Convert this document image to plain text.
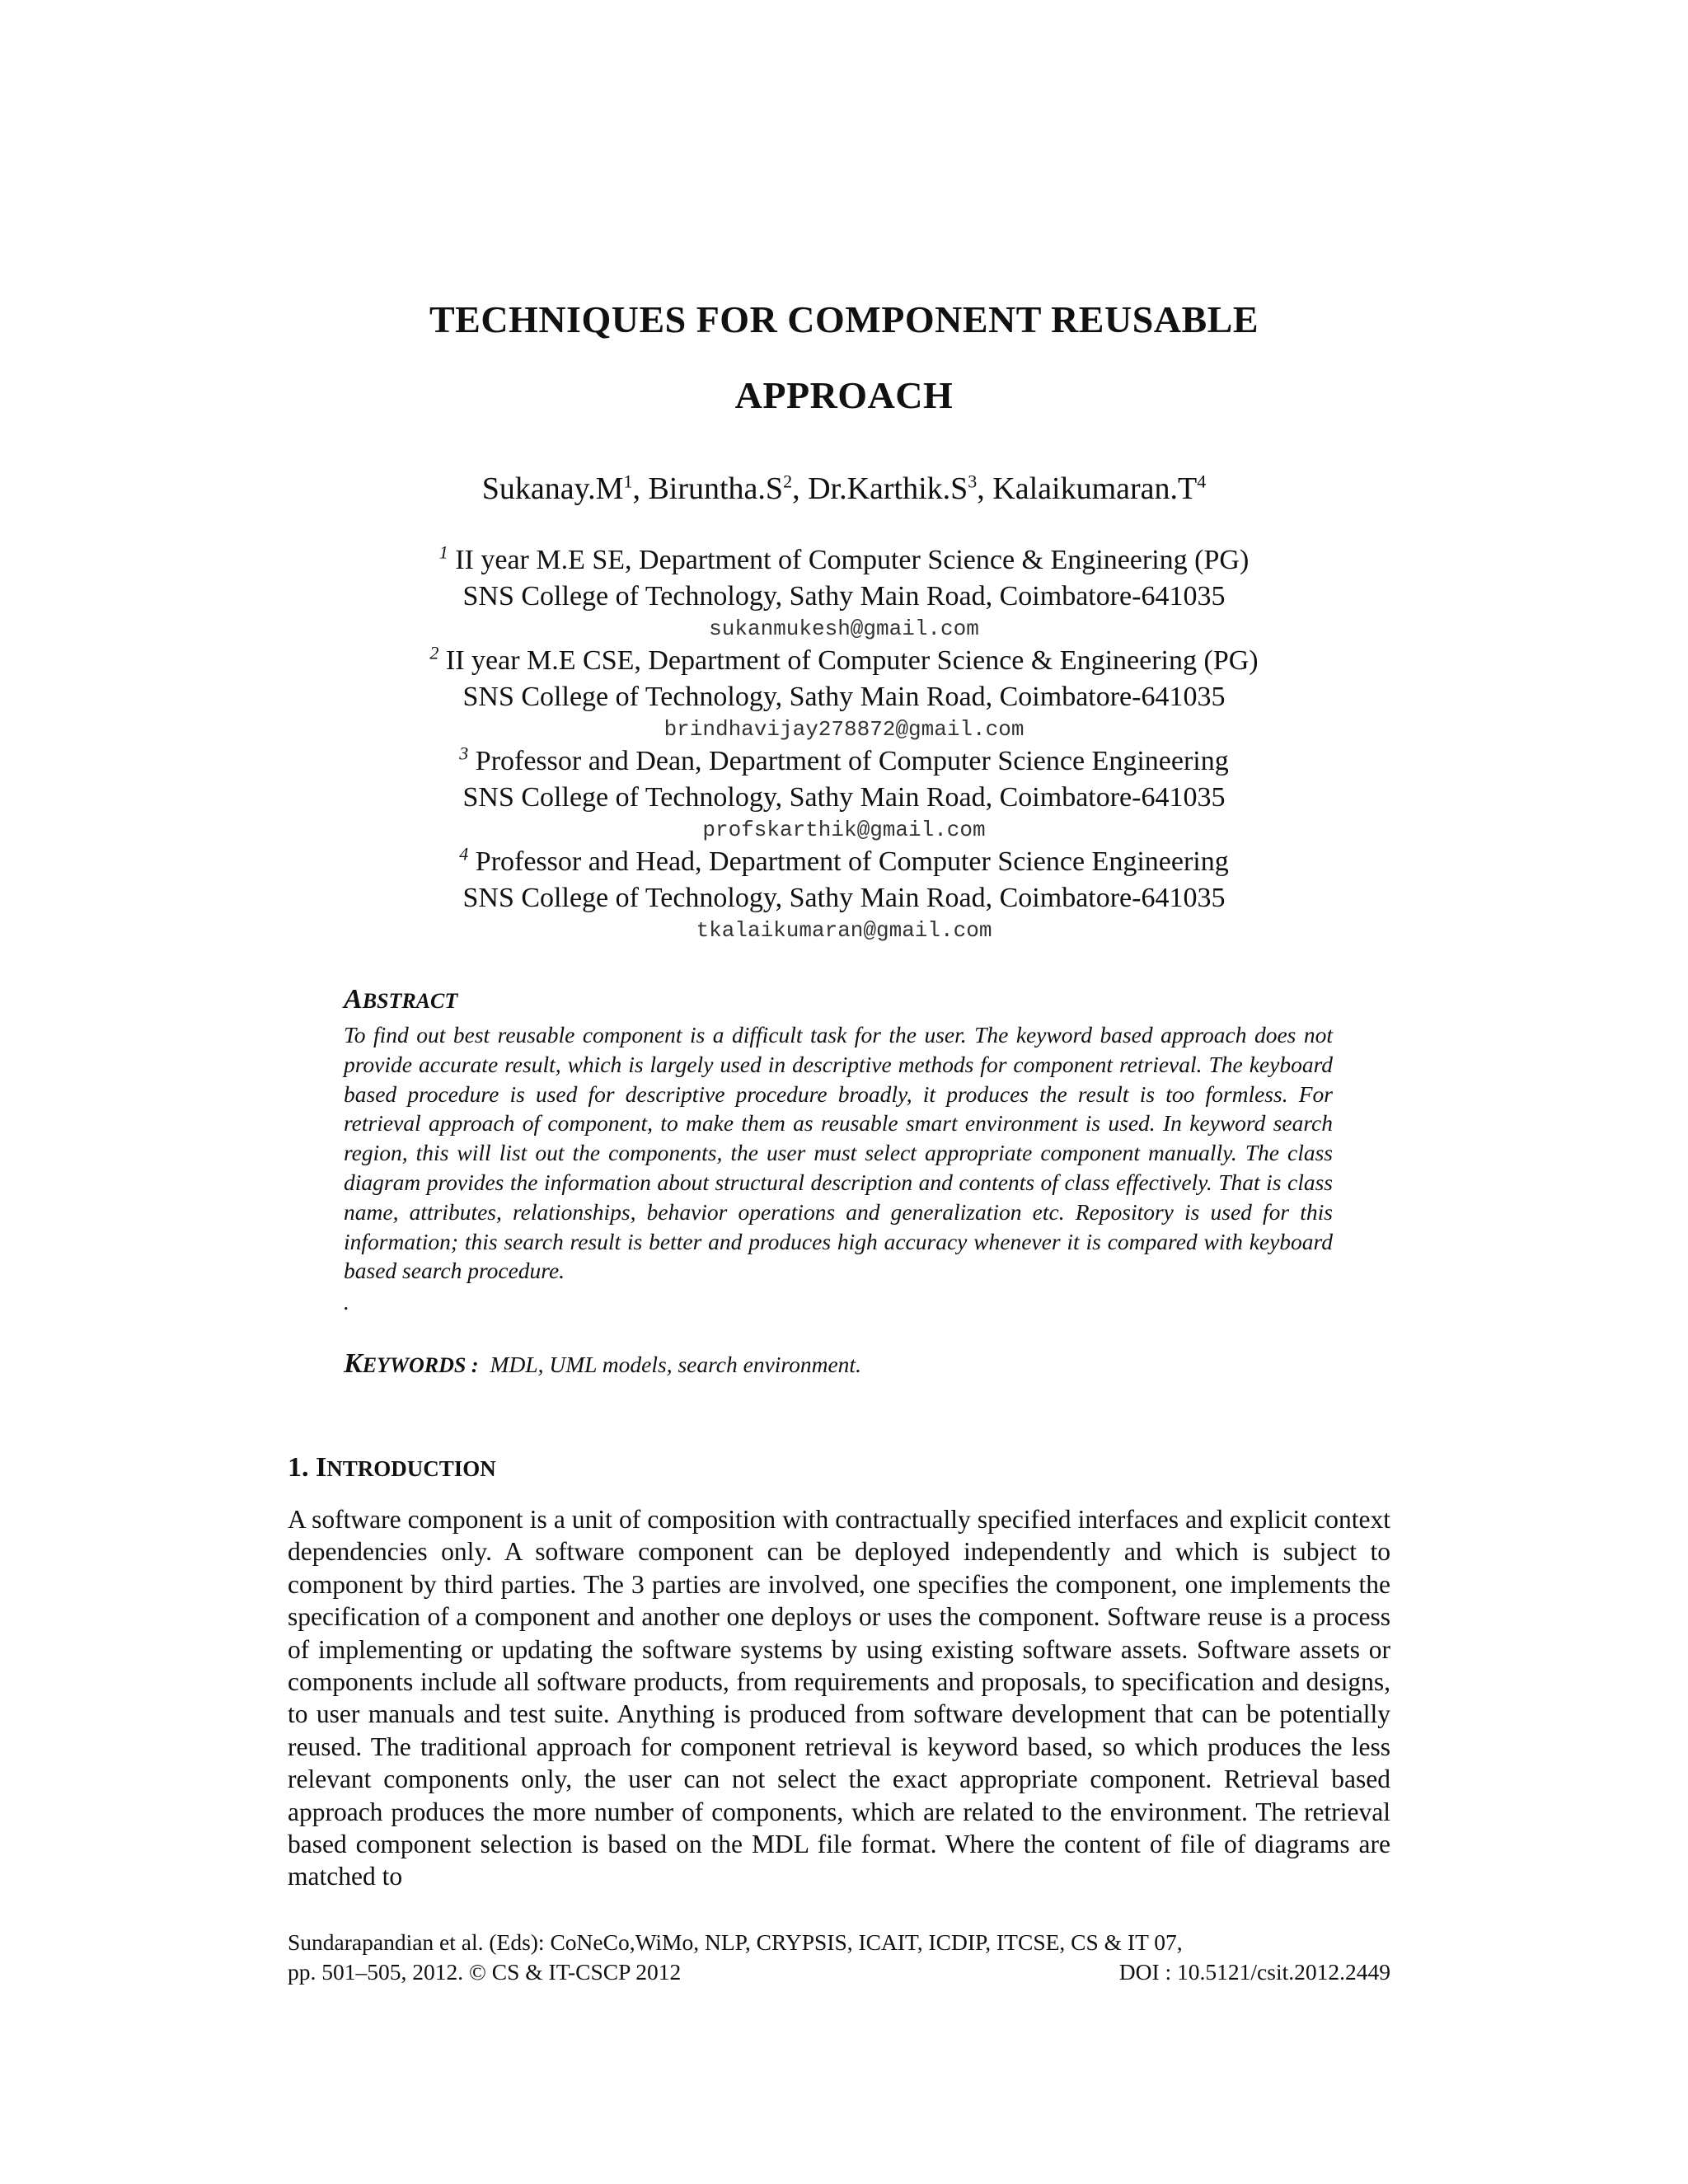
TECHNIQUES FOR COMPONENT REUSABLE
APPROACH
$Sukanay.M^1$, $Biruntha.S^2$, $Dr.Karthik.S^3$, $Kalaikumaran.T^4$
$^1$ II year M.E SE, Department of Computer Science & Engineering (PG)
SNS College of Technology, Sathy Main Road, Coimbatore-641035
sukanmukesh@gmail.com
$^2$ II year M.E CSE, Department of Computer Science & Engineering (PG)
SNS College of Technology, Sathy Main Road, Coimbatore-641035
brindhavijay278872@gmail.com
$^3$ Professor and Dean, Department of Computer Science Engineering
SNS College of Technology, Sathy Main Road, Coimbatore-641035
profskarthik@gmail.com
$^4$ Professor and Head, Department of Computer Science Engineering
SNS College of Technology, Sathy Main Road, Coimbatore-641035
tkalaikumaran@gmail.com
ABSTRACT
To find out best reusable component is a difficult task for the user. The keyword based approach does not provide accurate result, which is largely used in descriptive methods for component retrieval. The keyboard based procedure is used for descriptive procedure broadly, it produces the result is too formless. For retrieval approach of component, to make them as reusable smart environment is used. In keyword search region, this will list out the components, the user must select appropriate component manually. The class diagram provides the information about structural description and contents of class effectively. That is class name, attributes, relationships, behavior operations and generalization etc. Repository is used for this information; this search result is better and produces high accuracy whenever it is compared with keyboard based search procedure.
.
KEYWORDS : MDL, UML models, search environment.
1. INTRODUCTION
A software component is a unit of composition with contractually specified interfaces and explicit context dependencies only. A software component can be deployed independently and which is subject to component by third parties. The 3 parties are involved, one specifies the component, one implements the specification of a component and another one deploys or uses the component. Software reuse is a process of implementing or updating the software systems by using existing software assets. Software assets or components include all software products, from requirements and proposals, to specification and designs, to user manuals and test suite. Anything is produced from software development that can be potentially reused. The traditional approach for component retrieval is keyword based, so which produces the less relevant components only, the user can not select the exact appropriate component. Retrieval based approach produces the more number of components, which are related to the environment. The retrieval based component selection is based on the MDL file format. Where the content of file of diagrams are matched to
Sundarapandian et al. (Eds): CoNeCo,WiMo, NLP, CRYPSIS, ICAIT, ICDIP, ITCSE, CS & IT 07,
pp. 501–505, 2012. © CS & IT-CSCP 2012	DOI : 10.5121/csit.2012.2449
